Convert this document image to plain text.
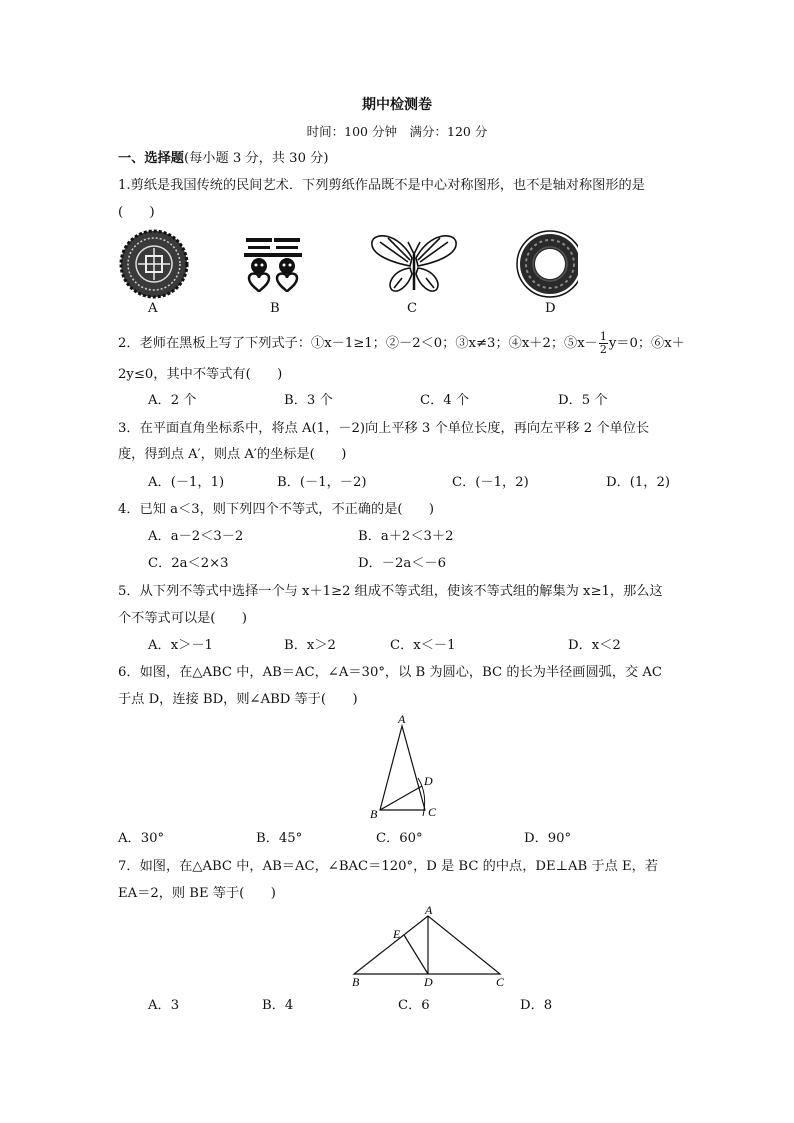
期中检测卷
时间：100 分钟　满分：120 分
一、选择题(每小题 3 分，共 30 分)
1.剪纸是我国传统的民间艺术．下列剪纸作品既不是中心对称图形，也不是轴对称图形的是
(　　)
A	B	C	D
2．老师在黑板上写了下列式子：①x－1≥1；②－2＜0；③x≠3；④x＋2；⑤x－ $\frac{1}{2} y=0$；⑥x＋
2y≤0，其中不等式有(　　)
A．2 个	B．3 个	C．4 个	D．5 个
3．在平面直角坐标系中，将点 A(1，－2)向上平移 3 个单位长度，再向左平移 2 个单位长
度，得到点 A′，则点 A′的坐标是(　　)
A．(－1，1)	B．(－1，－2)	C．(－1，2)	D．(1，2)
4．已知 a＜3，则下列四个不等式，不正确的是(　　)
A．a－2＜3－2	B．a＋2＜3＋2
C．2a＜2×3	D．－2a＜－6
5．从下列不等式中选择一个与 x＋1≥2 组成不等式组，使该不等式组的解集为 x≥1，那么这
个不等式可以是(　　)
A．x＞－1	B．x＞2	C．x＜－1	D．x＜2
6．如图，在△ABC 中，AB＝AC，∠A＝30°，以 B 为圆心，BC 的长为半径画圆弧，交 AC
于点 D，连接 BD，则∠ABD 等于(　　)
A
B	C
D
A．30°	B．45°	C．60°	D．90°
7．如图，在△ABC 中，AB＝AC，∠BAC＝120°，D 是 BC 的中点，DE⊥AB 于点 E，若
EA＝2，则 BE 等于(　　)
A
B	C
D
E
A．3	B．4	C．6	D．8
